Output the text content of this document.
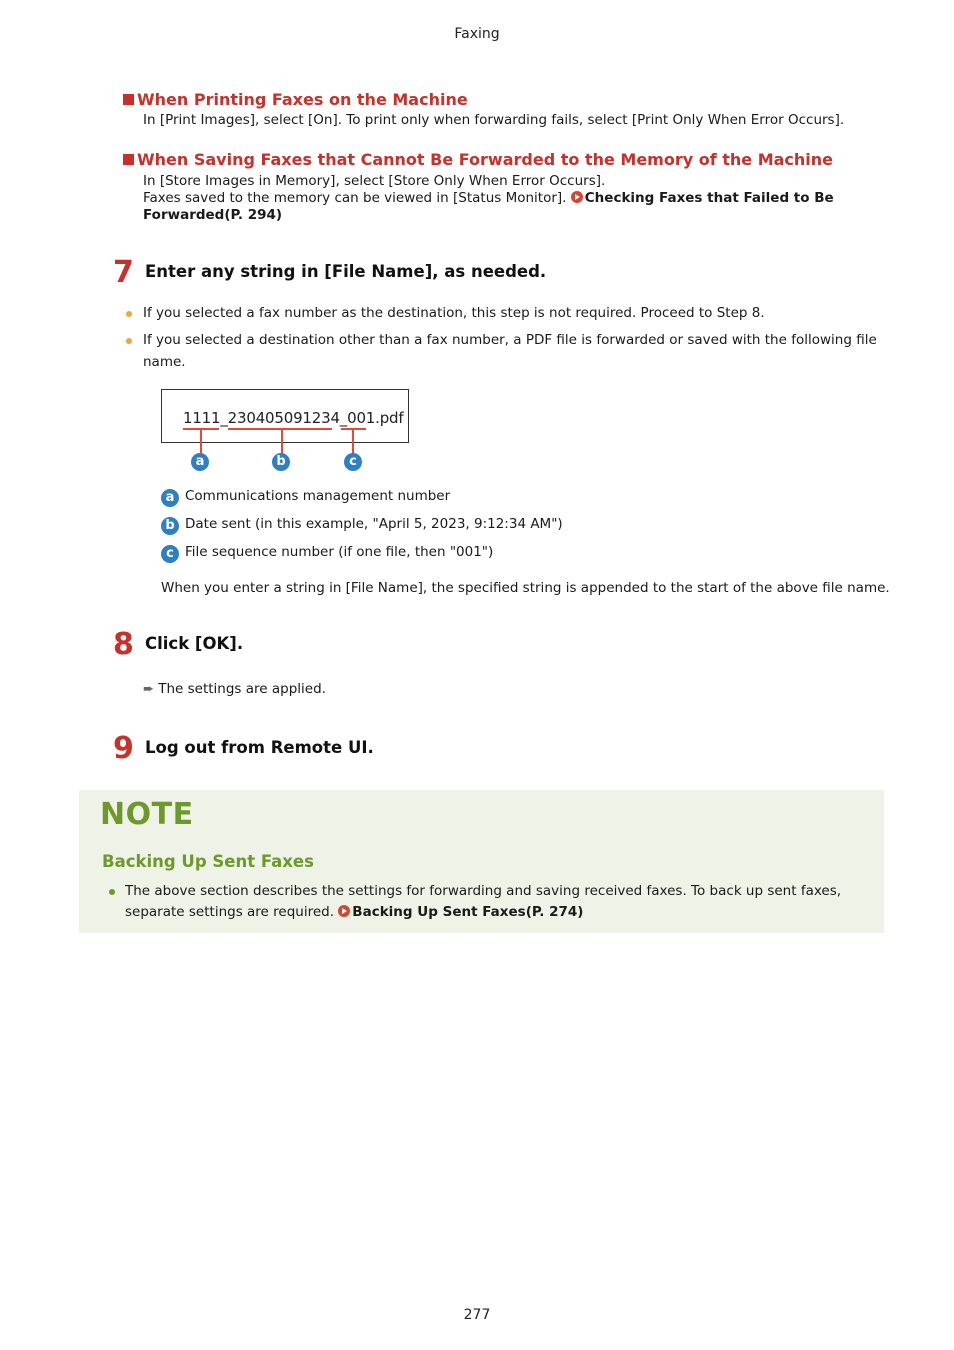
Faxing
When Printing Faxes on the Machine
In [Print Images], select [On]. To print only when forwarding fails, select [Print Only When Error Occurs].
When Saving Faxes that Cannot Be Forwarded to the Memory of the Machine
In [Store Images in Memory], select [Store Only When Error Occurs].
Faxes saved to the memory can be viewed in [Status Monitor]. Checking Faxes that Failed to Be
Forwarded(P. 294)
7 Enter any string in [File Name], as needed.
If you selected a fax number as the destination, this step is not required. Proceed to Step 8.
If you selected a destination other than a fax number, a PDF file is forwarded or saved with the following file
name.
1111_230405091234_001.pdf
a	b	c
a Communications management number
b Date sent (in this example, "April 5, 2023, 9:12:34 AM")
c File sequence number (if one file, then "001")
When you enter a string in [File Name], the specified string is appended to the start of the above file name.
8 Click [OK].
➨ The settings are applied.
9 Log out from Remote UI.
NOTE
Backing Up Sent Faxes
The above section describes the settings for forwarding and saving received faxes. To back up sent faxes,
separate settings are required. Backing Up Sent Faxes(P. 274)
277
